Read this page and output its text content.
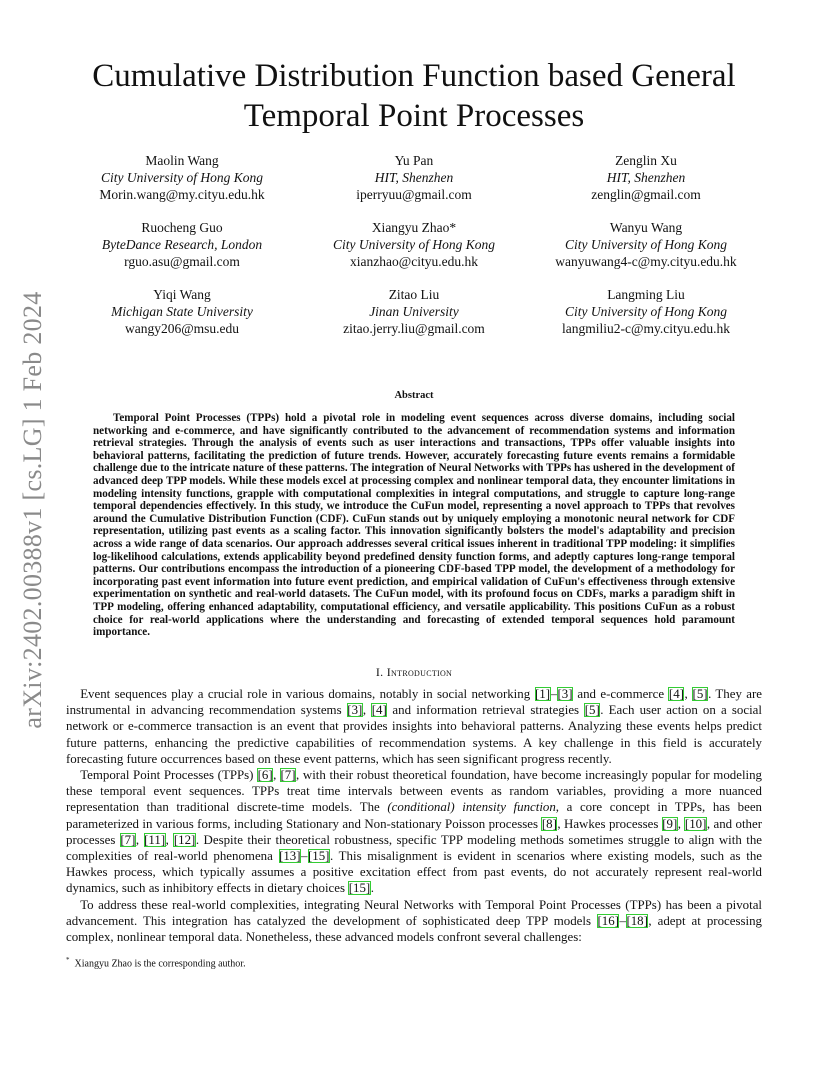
arXiv:2402.00388v1 [cs.LG] 1 Feb 2024
Cumulative Distribution Function based General Temporal Point Processes
Maolin Wang
City University of Hong Kong
Morin.wang@my.cityu.edu.hk
Yu Pan
HIT, Shenzhen
iperryuu@gmail.com
Zenglin Xu
HIT, Shenzhen
zenglin@gmail.com
Ruocheng Guo
ByteDance Research, London
rguo.asu@gmail.com
Xiangyu Zhao*
City University of Hong Kong
xianzhao@cityu.edu.hk
Wanyu Wang
City University of Hong Kong
wanyuwang4-c@my.cityu.edu.hk
Yiqi Wang
Michigan State University
wangy206@msu.edu
Zitao Liu
Jinan University
zitao.jerry.liu@gmail.com
Langming Liu
City University of Hong Kong
langmiliu2-c@my.cityu.edu.hk
Abstract

Temporal Point Processes (TPPs) hold a pivotal role in modeling event sequences across diverse domains, including social networking and e-commerce, and have significantly contributed to the advancement of recommendation systems and information retrieval strategies. Through the analysis of events such as user interactions and transactions, TPPs offer valuable insights into behavioral patterns, facilitating the prediction of future trends. However, accurately forecasting future events remains a formidable challenge due to the intricate nature of these patterns. The integration of Neural Networks with TPPs has ushered in the development of advanced deep TPP models. While these models excel at processing complex and nonlinear temporal data, they encounter limitations in modeling intensity functions, grapple with computational complexities in integral computations, and struggle to capture long-range temporal dependencies effectively. In this study, we introduce the CuFun model, representing a novel approach to TPPs that revolves around the Cumulative Distribution Function (CDF). CuFun stands out by uniquely employing a monotonic neural network for CDF representation, utilizing past events as a scaling factor. This innovation significantly bolsters the model's adaptability and precision across a wide range of data scenarios. Our approach addresses several critical issues inherent in traditional TPP modeling: it simplifies log-likelihood calculations, extends applicability beyond predefined density function forms, and adeptly captures long-range temporal patterns. Our contributions encompass the introduction of a pioneering CDF-based TPP model, the development of a methodology for incorporating past event information into future event prediction, and empirical validation of CuFun's effectiveness through extensive experimentation on synthetic and real-world datasets. The CuFun model, with its profound focus on CDFs, marks a paradigm shift in TPP modeling, offering enhanced adaptability, computational efficiency, and versatile applicability. This positions CuFun as a robust choice for real-world applications where the understanding and forecasting of extended temporal sequences hold paramount importance.

I. Introduction

Event sequences play a crucial role in various domains, notably in social networking [1]–[3] and e-commerce [4], [5]. They are instrumental in advancing recommendation systems [3], [4] and information retrieval strategies [5]. Each user action on a social network or e-commerce transaction is an event that provides insights into behavioral patterns. Analyzing these events helps predict future patterns, enhancing the predictive capabilities of recommendation systems. A key challenge in this field is accurately forecasting future occurrences based on these event patterns, which has seen significant progress recently.

Temporal Point Processes (TPPs) [6], [7], with their robust theoretical foundation, have become increasingly popular for modeling these temporal event sequences. TPPs treat time intervals between events as random variables, providing a more nuanced representation than traditional discrete-time models. The (conditional) intensity function, a core concept in TPPs, has been parameterized in various forms, including Stationary and Non-stationary Poisson processes [8], Hawkes processes [9], [10], and other processes [7], [11], [12]. Despite their theoretical robustness, specific TPP modeling methods sometimes struggle to align with the complexities of real-world phenomena [13]–[15]. This misalignment is evident in scenarios where existing models, such as the Hawkes process, which typically assumes a positive excitation effect from past events, do not accurately represent real-world dynamics, such as inhibitory effects in dietary choices [15].

To address these real-world complexities, integrating Neural Networks with Temporal Point Processes (TPPs) has been a pivotal advancement. This integration has catalyzed the development of sophisticated deep TPP models [16]–[18], adept at processing complex, nonlinear temporal data. Nonetheless, these advanced models confront several challenges:

* Xiangyu Zhao is the corresponding author.
